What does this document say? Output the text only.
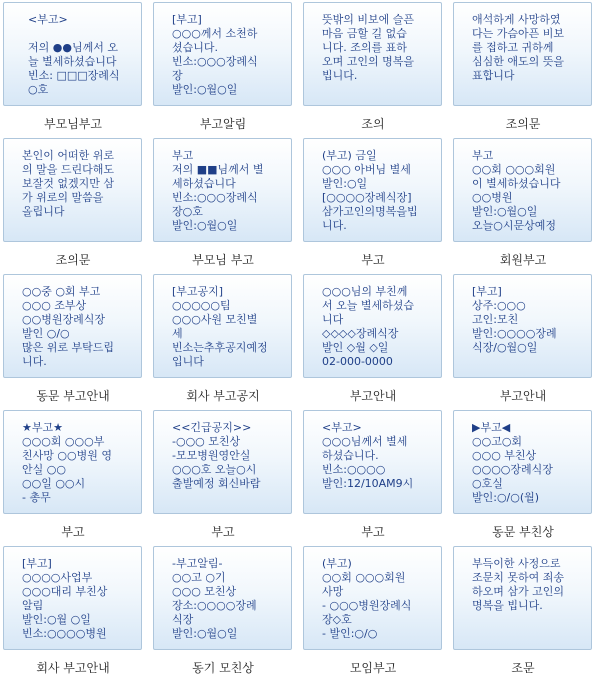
<부고>

저의 ●●님께서 오
늘 별세하셨습니다
빈소: □□□장례식
○호
부모님부고
[부고]
○○○께서 소천하
셨습니다.
빈소:○○○장례식
장
발인:○월○일
부고알림
뜻밖의 비보에 슬픈
마음 금할 길 없습
니다. 조의를 표하
오며 고인의 명복을
빕니다.
조의
애석하게 사망하였
다는 가슴아픈 비보
를 접하고 귀하께
심심한 애도의 뜻을
표합니다
조의문
본인이 어떠한 위로
의 말을 드린다해도
보잘것 없겠지만 삼
가 위로의 말씀을
올립니다
조의문
부고
저의 ■■님께서 별
세하셨습니다
빈소:○○○장례식
장○호
발인:○월○일
부모님 부고
(부고) 금일
○○○ 아버님 별세
발인:○일
[○○○○장례식장]
삼가고인의명복을빕
니다.
부고
부고
○○회 ○○○회원
이 별세하셨습니다
○○병원
발인:○월○일
오늘○시문상예정
회원부고
○○중 ○회 부고
○○○ 조부상
○○병원장례식장
발인 ○/○
많은 위로 부탁드립
니다.
동문 부고안내
[부고공지]
○○○○○팀
○○○사원 모친별
세
빈소는추후공지예정
입니다
회사 부고공지
○○○님의 부친께
서 오늘 별세하셨습
니다
◇◇◇◇장례식장
발인 ◇월 ◇일
02-000-0000
부고안내
[부고]
상주:○○○
고인:모친
발인:○○○○장례
식장/○월○일
부고안내
★부고★
○○○회 ○○○부
친사망 ○○병원 영
안실 ○○
○○일 ○○시
- 총무
부고
<<긴급공지>>
-○○○ 모친상
-모모병원영안실
○○○호 오늘○시
출발예정 회신바람
부고
<부고>
○○○님께서 별세
하셨습니다.
빈소:○○○○
발인:12/10AM9시
부고
▶부고◀
○○고○회
○○○ 부친상
○○○○장례식장
○호실
발인:○/○(월)
동문 부친상
[부고]
○○○○사업부
○○○대리 부친상
알림
발인:○월 ○일
빈소:○○○○병원
회사 부고안내
-부고알림-
○○고 ○기
○○○ 모친상
장소:○○○○장례
식장
발인:○월○일
동기 모친상
(부고)
○○회 ○○○회원
사망
- ○○○병원장례식
장◇호
- 발인:○/○
모임부고
부득이한 사정으로
조문치 못하여 죄송
하오며 삼가 고인의
명복을 빕니다.
조문
